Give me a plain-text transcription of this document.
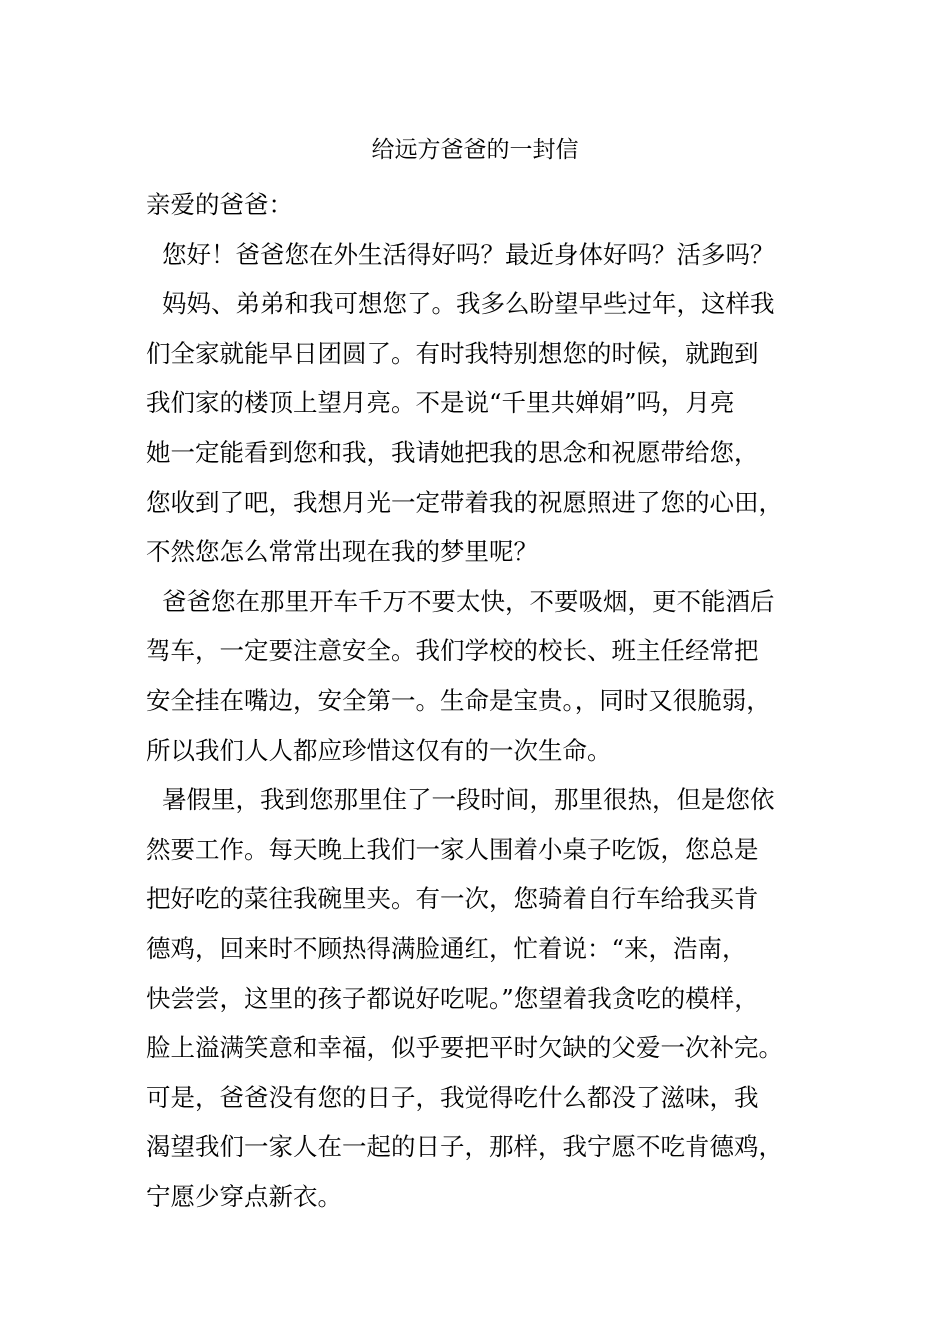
给远方爸爸的一封信

亲爱的爸爸：

您好！爸爸您在外生活得好吗？最近身体好吗？活多吗？

妈妈、弟弟和我可想您了。我多么盼望早些过年，这样我

们全家就能早日团圆了。有时我特别想您的时候，就跑到

我们家的楼顶上望月亮。不是说“千里共婵娟”吗，月亮

她一定能看到您和我，我请她把我的思念和祝愿带给您，

您收到了吧，我想月光一定带着我的祝愿照进了您的心田，

不然您怎么常常出现在我的梦里呢？

爸爸您在那里开车千万不要太快，不要吸烟，更不能酒后

驾车，一定要注意安全。我们学校的校长、班主任经常把

安全挂在嘴边，安全第一。生命是宝贵。，同时又很脆弱，

所以我们人人都应珍惜这仅有的一次生命。

暑假里，我到您那里住了一段时间，那里很热，但是您依

然要工作。每天晚上我们一家人围着小桌子吃饭，您总是

把好吃的菜往我碗里夹。有一次，您骑着自行车给我买肯

德鸡，回来时不顾热得满脸通红，忙着说：“来，浩南，

快尝尝，这里的孩子都说好吃呢。”您望着我贪吃的模样，

脸上溢满笑意和幸福，似乎要把平时欠缺的父爱一次补完。

可是，爸爸没有您的日子，我觉得吃什么都没了滋味，我

渴望我们一家人在一起的日子，那样，我宁愿不吃肯德鸡，

宁愿少穿点新衣。
